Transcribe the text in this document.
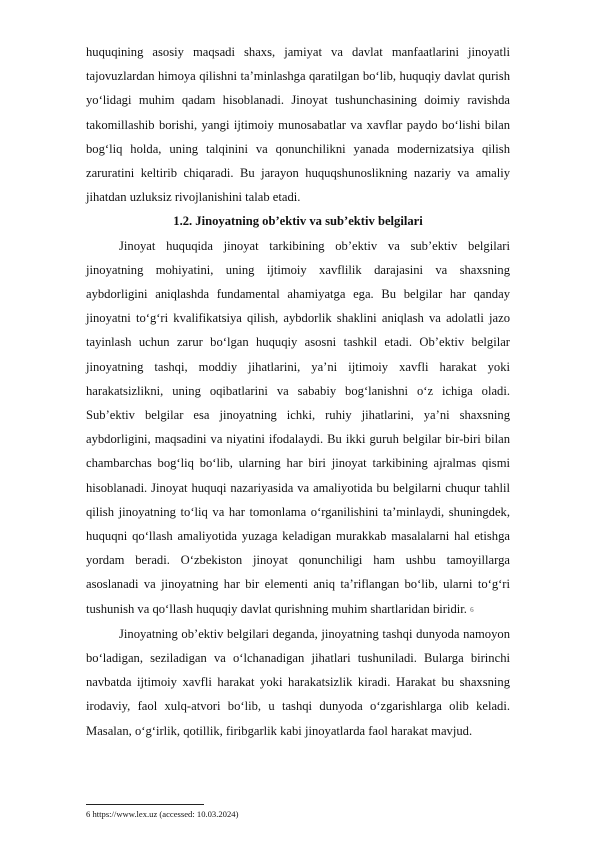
huquqining asosiy maqsadi shaxs, jamiyat va davlat manfaatlarini jinoyatli tajovuzlardan himoya qilishni ta’minlashga qaratilgan bo‘lib, huquqiy davlat qurish yo‘lidagi muhim qadam hisoblanadi. Jinoyat tushunchasining doimiy ravishda takomillashib borishi, yangi ijtimoiy munosabatlar va xavflar paydo bo‘lishi bilan bog‘liq holda, uning talqinini va qonunchilikni yanada modernizatsiya qilish zaruratini keltirib chiqaradi. Bu jarayon huquqshunoslikning nazariy va amaliy jihatdan uzluksiz rivojlanishini talab etadi.

1.2. Jinoyatning ob’ektiv va sub’ektiv belgilari

Jinoyat huquqida jinoyat tarkibining ob’ektiv va sub’ektiv belgilari jinoyatning mohiyatini, uning ijtimoiy xavflilik darajasini va shaxsning aybdorligini aniqlashda fundamental ahamiyatga ega. Bu belgilar har qanday jinoyatni to‘g‘ri kvalifikatsiya qilish, aybdorlik shaklini aniqlash va adolatli jazo tayinlash uchun zarur bo‘lgan huquqiy asosni tashkil etadi. Ob’ektiv belgilar jinoyatning tashqi, moddiy jihatlarini, ya’ni ijtimoiy xavfli harakat yoki harakatsizlikni, uning oqibatlarini va sababiy bog‘lanishni o‘z ichiga oladi. Sub’ektiv belgilar esa jinoyatning ichki, ruhiy jihatlarini, ya’ni shaxsning aybdorligini, maqsadini va niyatini ifodalaydi. Bu ikki guruh belgilar bir-biri bilan chambarchas bog‘liq bo‘lib, ularning har biri jinoyat tarkibining ajralmas qismi hisoblanadi. Jinoyat huquqi nazariyasida va amaliyotida bu belgilarni chuqur tahlil qilish jinoyatning to‘liq va har tomonlama o‘rganilishini ta’minlaydi, shuningdek, huquqni qo‘llash amaliyotida yuzaga keladigan murakkab masalalarni hal etishga yordam beradi. O‘zbekiston jinoyat qonunchiligi ham ushbu tamoyillarga asoslanadi va jinoyatning har bir elementi aniq ta’riflangan bo‘lib, ularni to‘g‘ri tushunish va qo‘llash huquqiy davlat qurishning muhim shartlaridan biridir. 6

Jinoyatning ob’ektiv belgilari deganda, jinoyatning tashqi dunyoda namoyon bo‘ladigan, seziladigan va o‘lchanadigan jihatlari tushuniladi. Bularga birinchi navbatda ijtimoiy xavfli harakat yoki harakatsizlik kiradi. Harakat bu shaxsning irodaviy, faol xulq-atvori bo‘lib, u tashqi dunyoda o‘zgarishlarga olib keladi. Masalan, o‘g‘irlik, qotillik, firibgarlik kabi jinoyatlarda faol harakat mavjud.

6 https://www.lex.uz (accessed: 10.03.2024)
